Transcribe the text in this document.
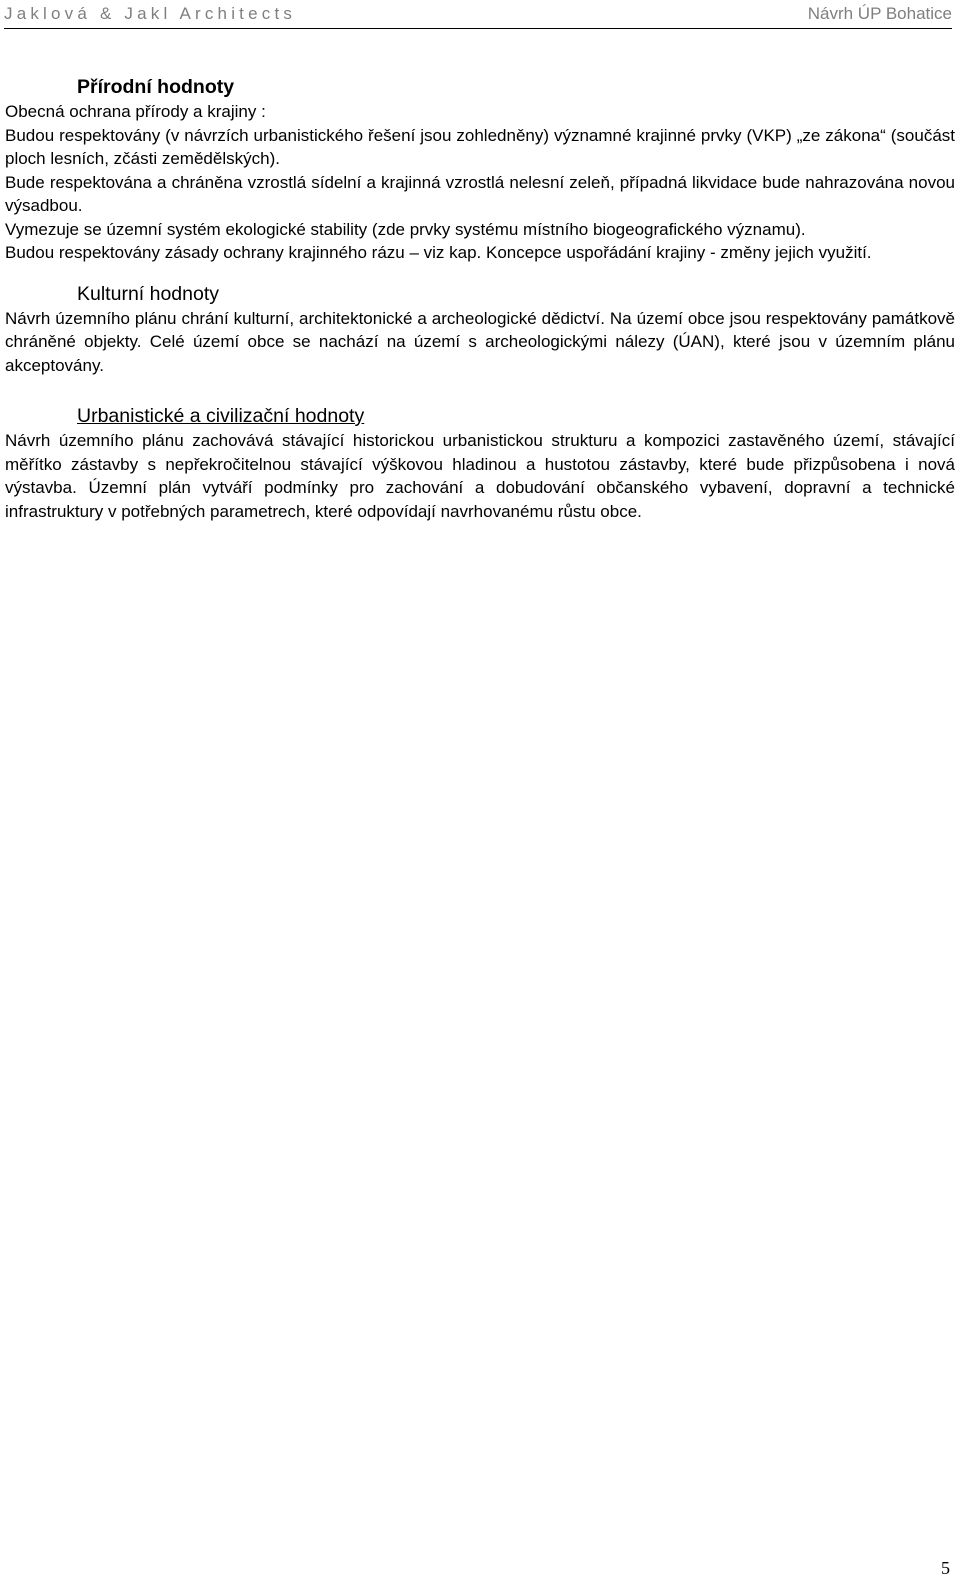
Jaklová & Jakl Architects	Návrh ÚP Bohatice
Přírodní hodnoty

Obecná ochrana přírody a krajiny :

Budou respektovány (v návrzích urbanistického řešení jsou zohledněny) významné krajinné prvky (VKP) „ze zákona“ (součást ploch lesních, zčásti zemědělských).

Bude respektována a chráněna vzrostlá sídelní a krajinná vzrostlá nelesní zeleň, případná likvidace bude nahrazována novou výsadbou.

Vymezuje se územní systém ekologické stability (zde prvky systému místního biogeografického významu).

Budou respektovány zásady ochrany krajinného rázu – viz kap. Koncepce uspořádání krajiny - změny jejich využití.

Kulturní hodnoty

Návrh územního plánu chrání kulturní, architektonické a archeologické dědictví. Na území obce jsou respektovány památkově chráněné objekty. Celé území obce se nachází na území s archeologickými nálezy (ÚAN), které jsou v územním plánu akceptovány.

Urbanistické a civilizační hodnoty

Návrh územního plánu zachovává stávající historickou urbanistickou strukturu a kompozici zastavěného území, stávající měřítko zástavby s nepřekročitelnou stávající výškovou hladinou a hustotou zástavby, které bude přizpůsobena i nová výstavba. Územní plán vytváří podmínky pro zachování a dobudování občanského vybavení, dopravní a technické infrastruktury v potřebných parametrech, které odpovídají navrhovanému růstu obce.

5
